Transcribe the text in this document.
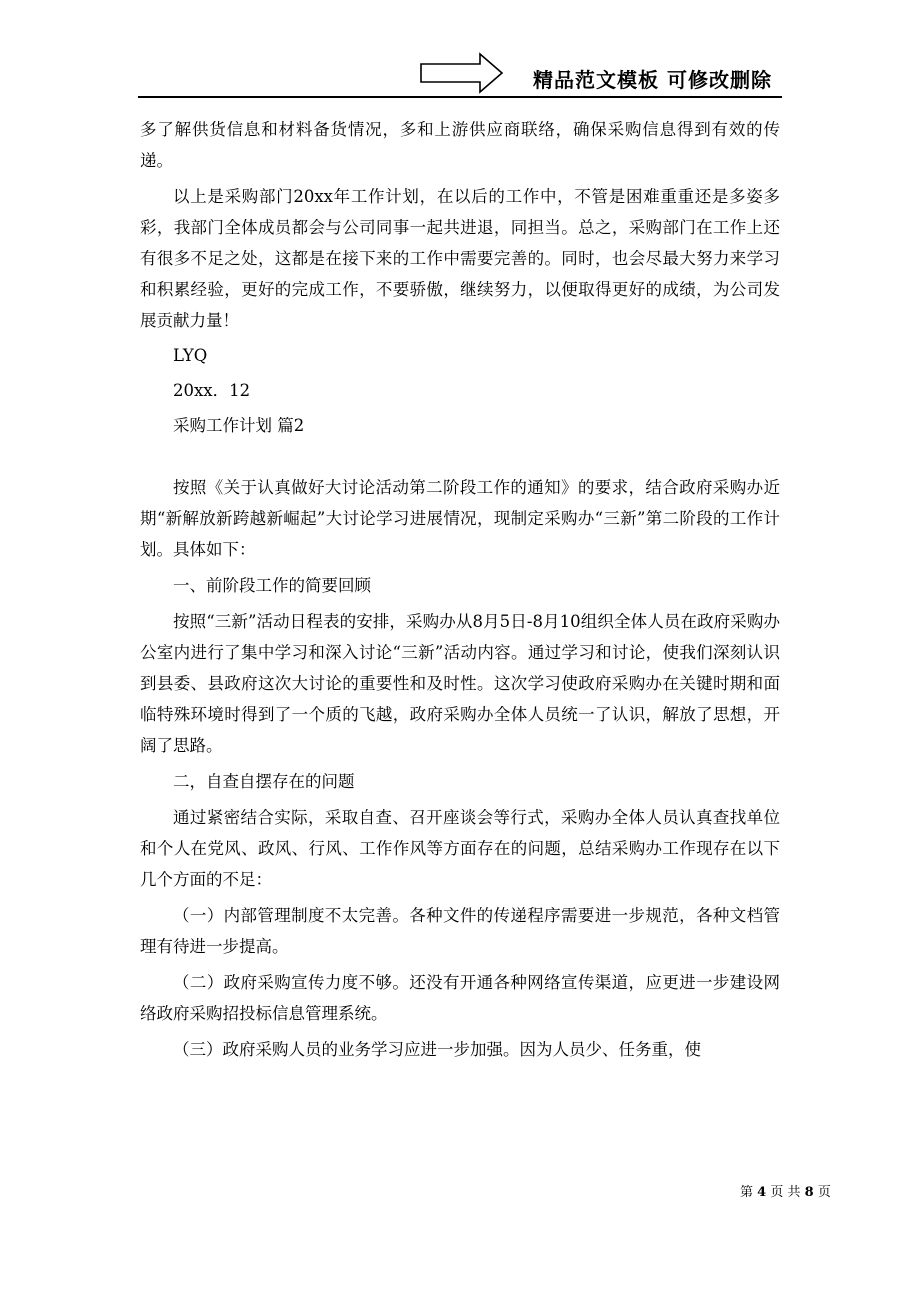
精品范文模板 可修改删除

多了解供货信息和材料备货情况，多和上游供应商联络，确保采购信息得到有效的传递。

以上是采购部门20xx年工作计划，在以后的工作中，不管是困难重重还是多姿多彩，我部门全体成员都会与公司同事一起共进退，同担当。总之，采购部门在工作上还有很多不足之处，这都是在接下来的工作中需要完善的。同时，也会尽最大努力来学习和积累经验，更好的完成工作，不要骄傲，继续努力，以便取得更好的成绩，为公司发展贡献力量！

LYQ

20xx．12

采购工作计划 篇2

按照《关于认真做好大讨论活动第二阶段工作的通知》的要求，结合政府采购办近期“新解放新跨越新崛起”大讨论学习进展情况，现制定采购办“三新”第二阶段的工作计划。具体如下：

一、前阶段工作的简要回顾

按照“三新”活动日程表的安排，采购办从8月5日-8月10组织全体人员在政府采购办公室内进行了集中学习和深入讨论“三新”活动内容。通过学习和讨论，使我们深刻认识到县委、县政府这次大讨论的重要性和及时性。这次学习使政府采购办在关键时期和面临特殊环境时得到了一个质的飞越，政府采购办全体人员统一了认识，解放了思想，开阔了思路。

二，自查自摆存在的问题

通过紧密结合实际，采取自查、召开座谈会等行式，采购办全体人员认真查找单位和个人在党风、政风、行风、工作作风等方面存在的问题，总结采购办工作现存在以下几个方面的不足：

（一）内部管理制度不太完善。各种文件的传递程序需要进一步规范，各种文档管理有待进一步提高。

（二）政府采购宣传力度不够。还没有开通各种网络宣传渠道，应更进一步建设网络政府采购招投标信息管理系统。

（三）政府采购人员的业务学习应进一步加强。因为人员少、任务重，使

第 4 页 共 8 页
